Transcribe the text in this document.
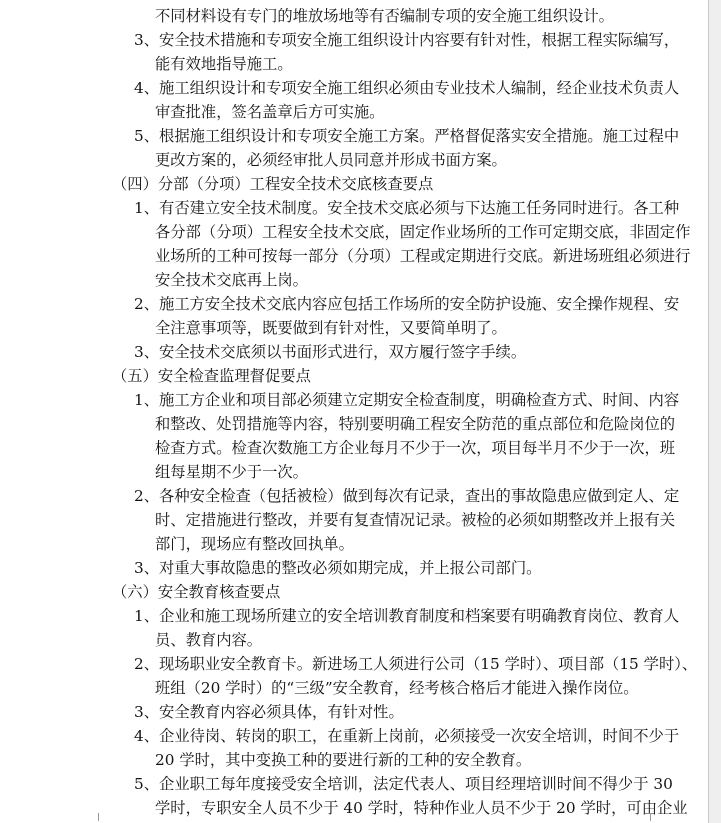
不同材料设有专门的堆放场地等有否编制专项的安全施工组织设计。
3、安全技术措施和专项安全施工组织设计内容要有针对性，根据工程实际编写，
能有效地指导施工。
4、施工组织设计和专项安全施工组织必须由专业技术人编制，经企业技术负责人
审查批准，签名盖章后方可实施。
5、根据施工组织设计和专项安全施工方案。严格督促落实安全措施。施工过程中
更改方案的，必须经审批人员同意并形成书面方案。
（四）分部（分项）工程安全技术交底核查要点
1、有否建立安全技术制度。安全技术交底必须与下达施工任务同时进行。各工种
各分部（分项）工程安全技术交底，固定作业场所的工作可定期交底，非固定作
业场所的工种可按每一部分（分项）工程或定期进行交底。新进场班组必须进行
安全技术交底再上岗。
2、施工方安全技术交底内容应包括工作场所的安全防护设施、安全操作规程、安
全注意事项等，既要做到有针对性，又要简单明了。
3、安全技术交底须以书面形式进行，双方履行签字手续。
（五）安全检查监理督促要点
1、施工方企业和项目部必须建立定期安全检查制度，明确检查方式、时间、内容
和整改、处罚措施等内容，特别要明确工程安全防范的重点部位和危险岗位的
检查方式。检查次数施工方企业每月不少于一次，项目每半月不少于一次，班
组每星期不少于一次。
2、各种安全检查（包括被检）做到每次有记录，查出的事故隐患应做到定人、定
时、定措施进行整改，并要有复查情况记录。被检的必须如期整改并上报有关
部门，现场应有整改回执单。
3、对重大事故隐患的整改必须如期完成，并上报公司部门。
（六）安全教育核查要点
1、企业和施工现场所建立的安全培训教育制度和档案要有明确教育岗位、教育人
员、教育内容。
2、现场职业安全教育卡。新进场工人须进行公司（15 学时）、项目部（15 学时）、
班组（20 学时）的“三级”安全教育，经考核合格后才能进入操作岗位。
3、安全教育内容必须具体，有针对性。
4、企业待岗、转岗的职工，在重新上岗前，必须接受一次安全培训，时间不少于
20 学时，其中变换工种的要进行新的工种的安全教育。
5、企业职工每年度接受安全培训，法定代表人、项目经理培训时间不得少于 30
学时，专职安全人员不少于 40 学时，特种作业人员不少于 20 学时，可由企业
